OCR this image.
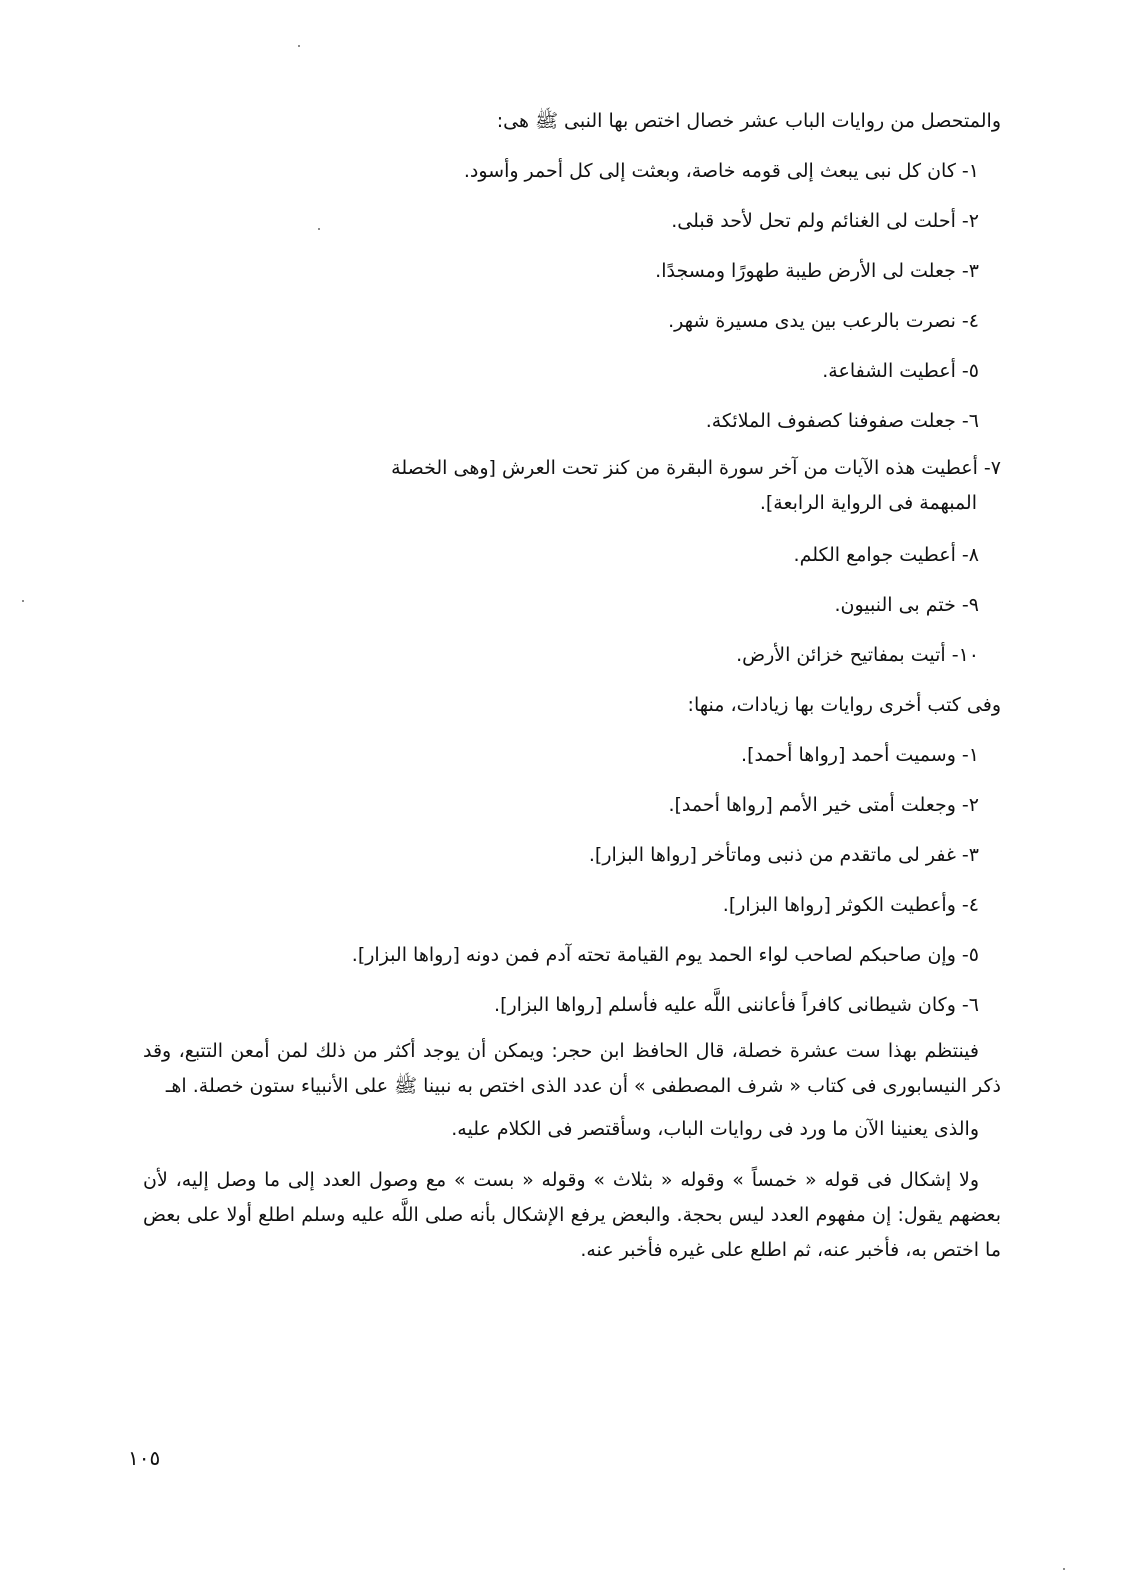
والمتحصل من روايات الباب عشر خصال اختص بها النبى ﷺ هى:
١- كان كل نبى يبعث إلى قومه خاصة، وبعثت إلى كل أحمر وأسود.
٢- أحلت لى الغنائم ولم تحل لأحد قبلى.
٣- جعلت لى الأرض طيبة طهورًا ومسجدًا.
٤- نصرت بالرعب بين يدى مسيرة شهر.
٥- أعطيت الشفاعة.
٦- جعلت صفوفنا كصفوف الملائكة.
٧- أعطيت هذه الآيات من آخر سورة البقرة من كنز تحت العرش [وهى الخصلة
المبهمة فى الرواية الرابعة].
٨- أعطيت جوامع الكلم.
٩- ختم بى النبيون.
١٠- أتيت بمفاتيح خزائن الأرض.
وفى كتب أخرى روايات بها زيادات، منها:
١- وسميت أحمد [رواها أحمد].
٢- وجعلت أمتى خير الأمم [رواها أحمد].
٣- غفر لى ماتقدم من ذنبى وماتأخر [رواها البزار].
٤- وأعطيت الكوثر [رواها البزار].
٥- وإن صاحبكم لصاحب لواء الحمد يوم القيامة تحته آدم فمن دونه [رواها البزار].
٦- وكان شيطانى كافراً فأعاننى اللَّه عليه فأسلم [رواها البزار].
فينتظم بهذا ست عشرة خصلة، قال الحافظ ابن حجر: ويمكن أن يوجد أكثر من ذلك لمن أمعن التتبع، وقد ذكر النيسابورى فى كتاب « شرف المصطفى » أن عدد الذى اختص به نبينا ﷺ على الأنبياء ستون خصلة. اهـ
والذى يعنينا الآن ما ورد فى روايات الباب، وسأقتصر فى الكلام عليه.
ولا إشكال فى قوله « خمساً » وقوله « بثلاث » وقوله « بست » مع وصول العدد إلى ما وصل إليه، لأن بعضهم يقول: إن مفهوم العدد ليس بحجة. والبعض يرفع الإشكال بأنه صلى اللَّه عليه وسلم اطلع أولا على بعض ما اختص به، فأخبر عنه، ثم اطلع على غيره فأخبر عنه.
١٠٥
